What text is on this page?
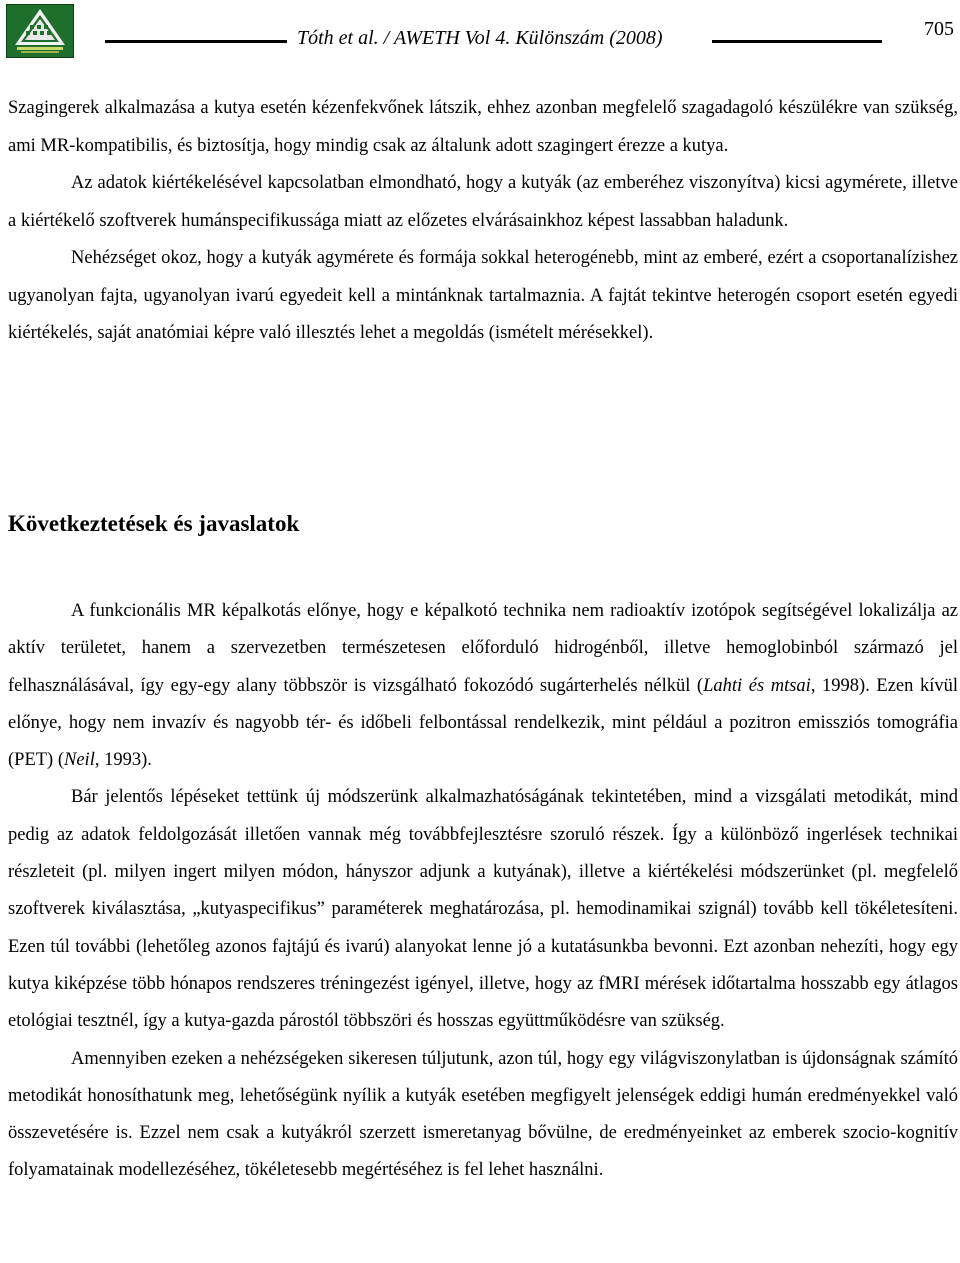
Tóth et al. / AWETH Vol 4. Különszám (2008)	705

Szagingerek alkalmazása a kutya esetén kézenfekvőnek látszik, ehhez azonban megfelelő szagadagoló készülékre van szükség, ami MR-kompatibilis, és biztosítja, hogy mindig csak az általunk adott szagingert érezze a kutya.

Az adatok kiértékelésével kapcsolatban elmondható, hogy a kutyák (az emberéhez viszonyítva) kicsi agymérete, illetve a kiértékelő szoftverek humánspecifikussága miatt az előzetes elvárásainkhoz képest lassabban haladunk.

Nehézséget okoz, hogy a kutyák agymérete és formája sokkal heterogénebb, mint az emberé, ezért a csoportanalízishez ugyanolyan fajta, ugyanolyan ivarú egyedeit kell a mintánknak tartalmaznia. A fajtát tekintve heterogén csoport esetén egyedi kiértékelés, saját anatómiai képre való illesztés lehet a megoldás (ismételt mérésekkel).

Következtetések és javaslatok

A funkcionális MR képalkotás előnye, hogy e képalkotó technika nem radioaktív izotópok segítségével lokalizálja az aktív területet, hanem a szervezetben természetesen előforduló hidrogénből, illetve hemoglobinból származó jel felhasználásával, így egy-egy alany többször is vizsgálható fokozódó sugárterhelés nélkül (Lahti és mtsai, 1998). Ezen kívül előnye, hogy nem invazív és nagyobb tér- és időbeli felbontással rendelkezik, mint például a pozitron emissziós tomográfia (PET) (Neil, 1993).

Bár jelentős lépéseket tettünk új módszerünk alkalmazhatóságának tekintetében, mind a vizsgálati metodikát, mind pedig az adatok feldolgozását illetően vannak még továbbfejlesztésre szoruló részek. Így a különböző ingerlések technikai részleteit (pl. milyen ingert milyen módon, hányszor adjunk a kutyának), illetve a kiértékelési módszerünket (pl. megfelelő szoftverek kiválasztása, „kutyaspecifikus” paraméterek meghatározása, pl. hemodinamikai szignál) tovább kell tökéletesíteni. Ezen túl további (lehetőleg azonos fajtájú és ivarú) alanyokat lenne jó a kutatásunkba bevonni. Ezt azonban nehezíti, hogy egy kutya kiképzése több hónapos rendszeres tréningezést igényel, illetve, hogy az fMRI mérések időtartalma hosszabb egy átlagos etológiai tesztnél, így a kutya-gazda párostól többszöri és hosszas együttműködésre van szükség.

Amennyiben ezeken a nehézségeken sikeresen túljutunk, azon túl, hogy egy világviszonylatban is újdonságnak számító metodikát honosíthatunk meg, lehetőségünk nyílik a kutyák esetében megfigyelt jelenségek eddigi humán eredményekkel való összevetésére is. Ezzel nem csak a kutyákról szerzett ismeretanyag bővülne, de eredményeinket az emberek szocio-kognitív folyamatainak modellezéséhez, tökéletesebb megértéséhez is fel lehet használni.
